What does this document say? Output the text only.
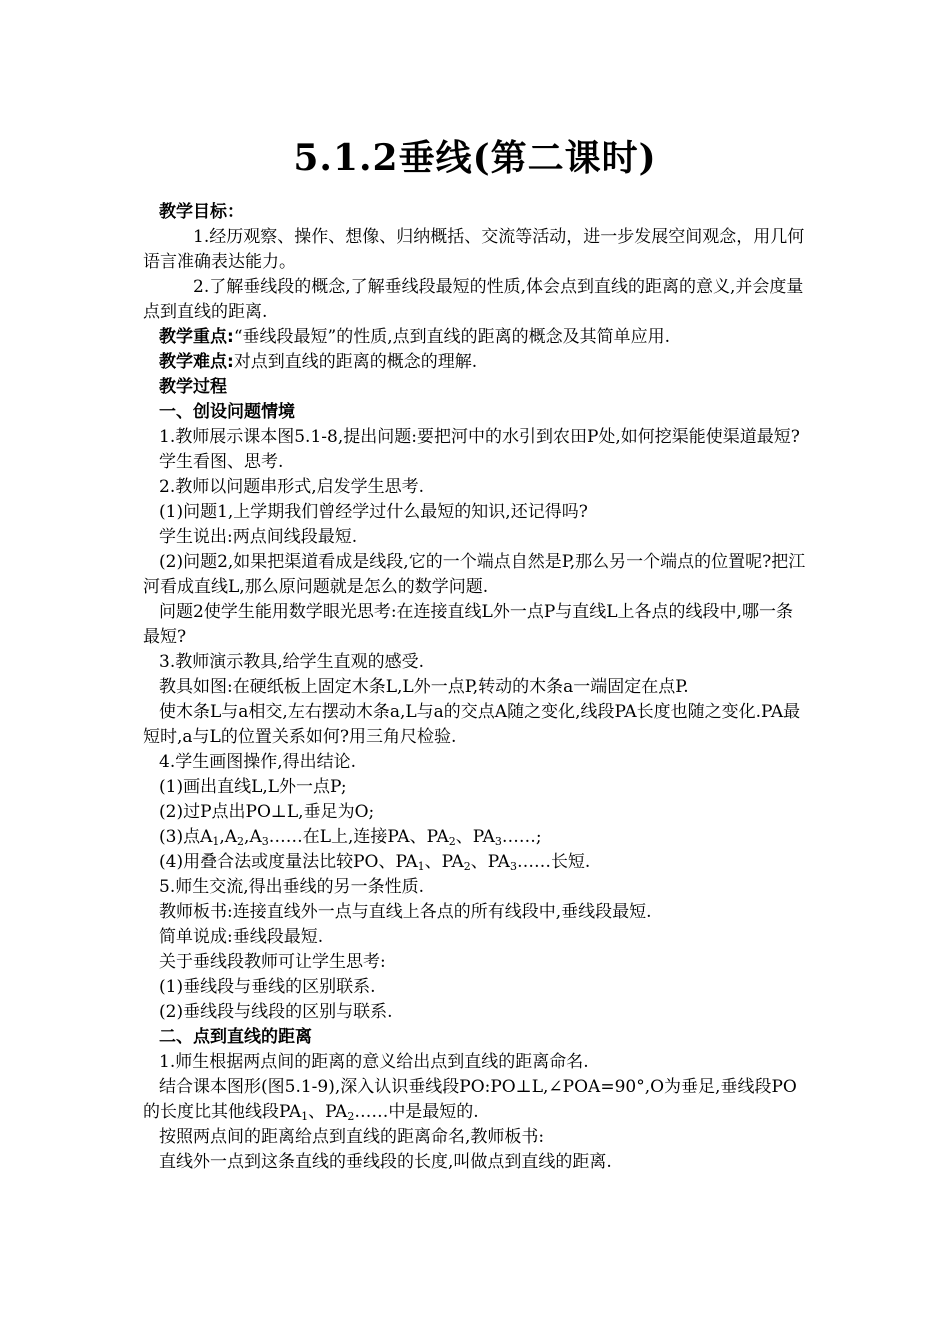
5.1.2垂线(第二课时)

教学目标：

1.经历观察、操作、想像、归纳概括、交流等活动，进一步发展空间观念，用几何语言准确表达能力。

2.了解垂线段的概念,了解垂线段最短的性质,体会点到直线的距离的意义,并会度量点到直线的距离.

教学重点:“垂线段最短”的性质,点到直线的距离的概念及其简单应用.

教学难点:对点到直线的距离的概念的理解.

教学过程

一、创设问题情境

1.教师展示课本图5.1-8,提出问题:要把河中的水引到农田P处,如何挖渠能使渠道最短?

学生看图、思考.

2.教师以问题串形式,启发学生思考.

(1)问题1,上学期我们曾经学过什么最短的知识,还记得吗?

学生说出:两点间线段最短.

(2)问题2,如果把渠道看成是线段,它的一个端点自然是P,那么另一个端点的位置呢?把江河看成直线L,那么原问题就是怎么的数学问题.

问题2使学生能用数学眼光思考:在连接直线L外一点P与直线L上各点的线段中,哪一条最短?

3.教师演示教具,给学生直观的感受.

教具如图:在硬纸板上固定木条L,L外一点P,转动的木条a一端固定在点P.

使木条L与a相交,左右摆动木条a,L与a的交点A随之变化,线段PA长度也随之变化.PA最短时,a与L的位置关系如何?用三角尺检验.

4.学生画图操作,得出结论.

(1)画出直线L,L外一点P;

(2)过P点出PO⊥L,垂足为O;

(3)点$A_1,A_2,A_3\dots\dots$在L上,连接PA、$PA_2$、$PA_3\dots\dots$;

(4)用叠合法或度量法比较PO、$PA_1$、$PA_2$、$PA_3\dots\dots$长短.

5.师生交流,得出垂线的另一条性质.

教师板书:连接直线外一点与直线上各点的所有线段中,垂线段最短.

简单说成:垂线段最短.

关于垂线段教师可让学生思考:

(1)垂线段与垂线的区别联系.

(2)垂线段与线段的区别与联系.

二、点到直线的距离

1.师生根据两点间的距离的意义给出点到直线的距离命名.

结合课本图形(图5.1-9),深入认识垂线段PO:PO⊥L,∠POA=90°,O为垂足,垂线段PO的长度比其他线段$PA_1$、$PA_2\dots\dots$中是最短的.

按照两点间的距离给点到直线的距离命名,教师板书:

直线外一点到这条直线的垂线段的长度,叫做点到直线的距离.
